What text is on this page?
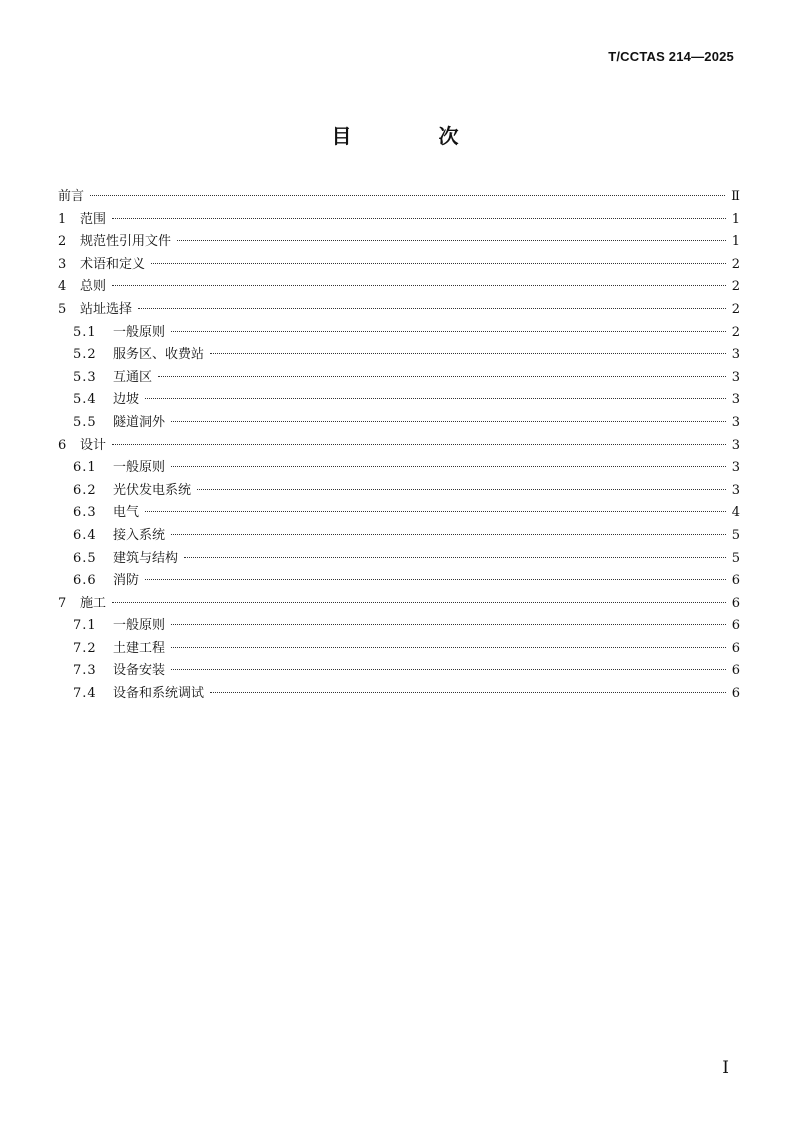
T/CCTAS 214—2025
目 次
前言	Ⅱ
1	范围	1
2	规范性引用文件	1
3	术语和定义	2
4	总则	2
5	站址选择	2
5.1	一般原则	2
5.2	服务区、收费站	3
5.3	互通区	3
5.4	边坡	3
5.5	隧道洞外	3
6	设计	3
6.1	一般原则	3
6.2	光伏发电系统	3
6.3	电气	4
6.4	接入系统	5
6.5	建筑与结构	5
6.6	消防	6
7	施工	6
7.1	一般原则	6
7.2	土建工程	6
7.3	设备安装	6
7.4	设备和系统调试	6
I
